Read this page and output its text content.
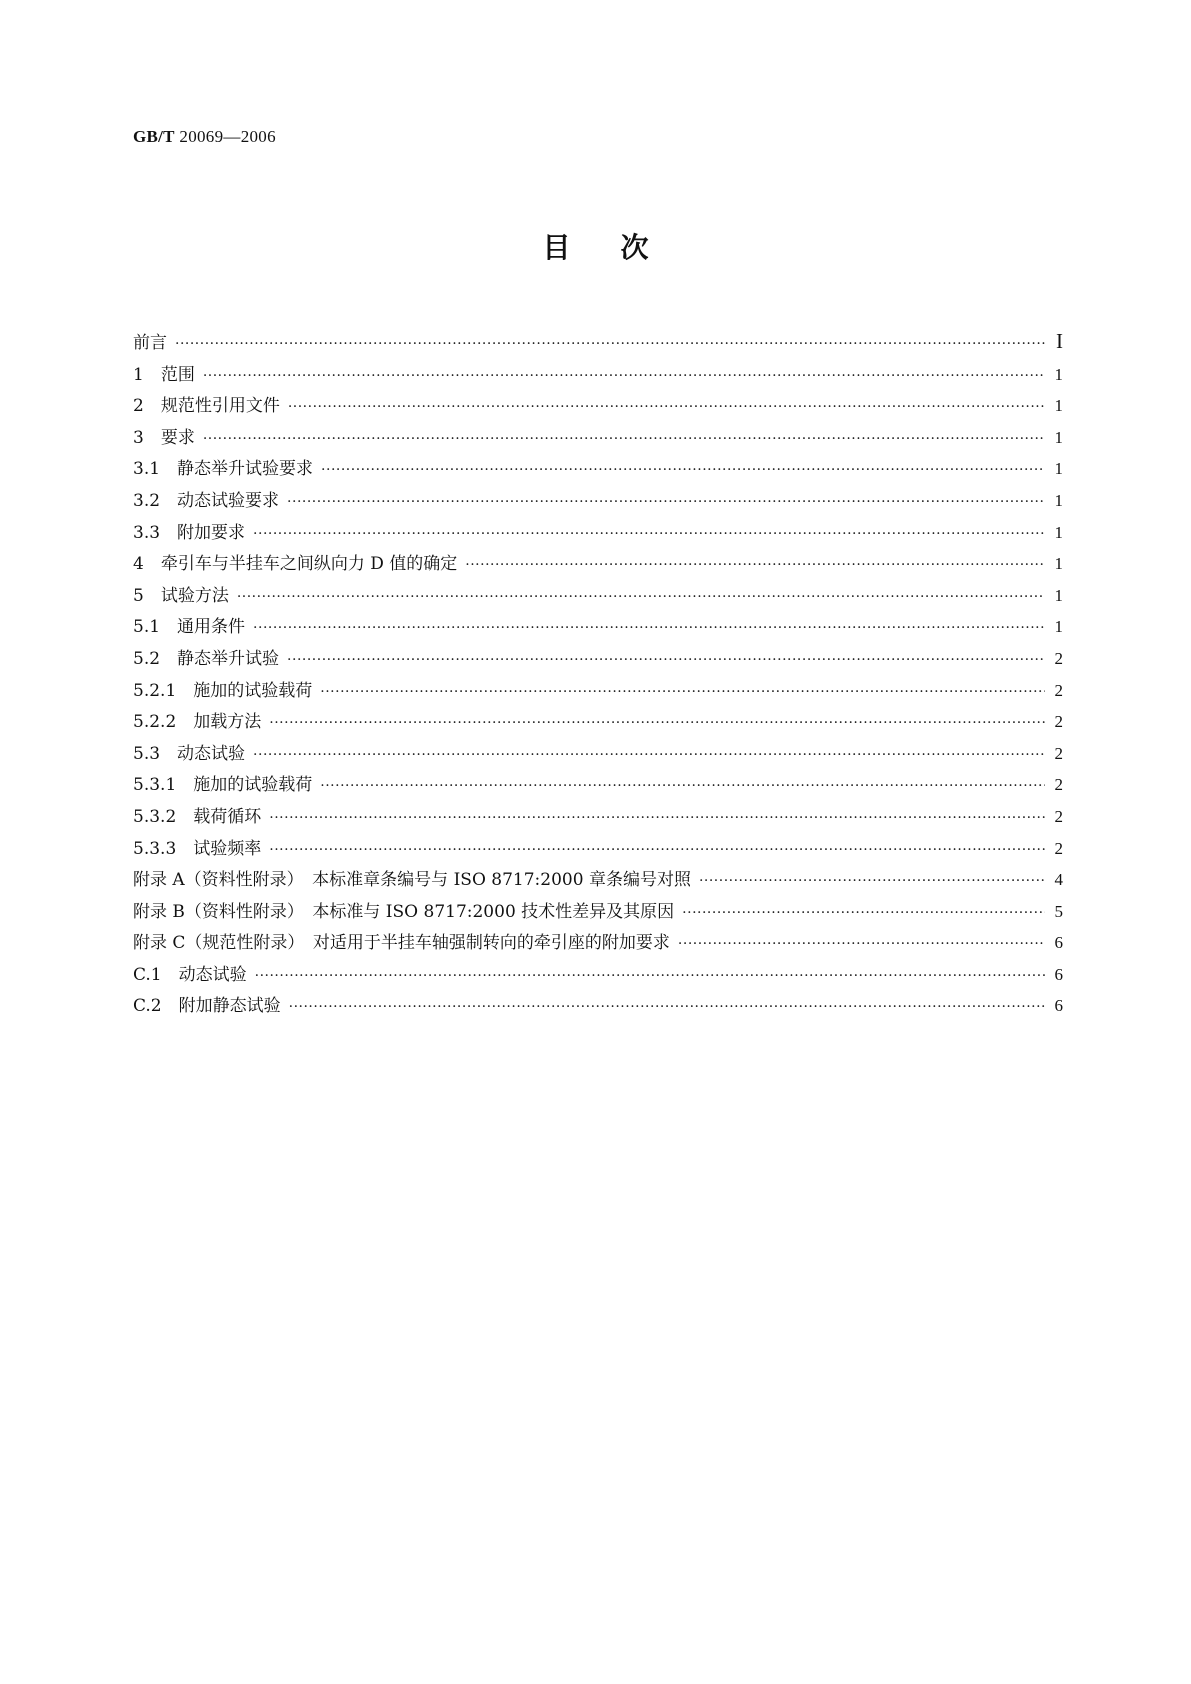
GB/T 20069—2006
目次
前言 ·····	I
1　范围 ·····	1
2　规范性引用文件 ·····	1
3　要求 ·····	1
3.1　静态举升试验要求 ·····	1
3.2　动态试验要求 ·····	1
3.3　附加要求 ·····	1
4　牵引车与半挂车之间纵向力 D 值的确定 ·····	1
5　试验方法 ·····	1
5.1　通用条件 ·····	1
5.2　静态举升试验 ·····	2
5.2.1　施加的试验载荷 ·····	2
5.2.2　加载方法 ·····	2
5.3　动态试验 ·····	2
5.3.1　施加的试验载荷 ·····	2
5.3.2　载荷循环 ·····	2
5.3.3　试验频率 ·····	2
附录 A（资料性附录）　本标准章条编号与 ISO 8717:2000 章条编号对照 ·····	4
附录 B（资料性附录）　本标准与 ISO 8717:2000 技术性差异及其原因 ·····	5
附录 C（规范性附录）　对适用于半挂车轴强制转向的牵引座的附加要求 ·····	6
C.1　动态试验 ·····	6
C.2　附加静态试验 ·····	6
